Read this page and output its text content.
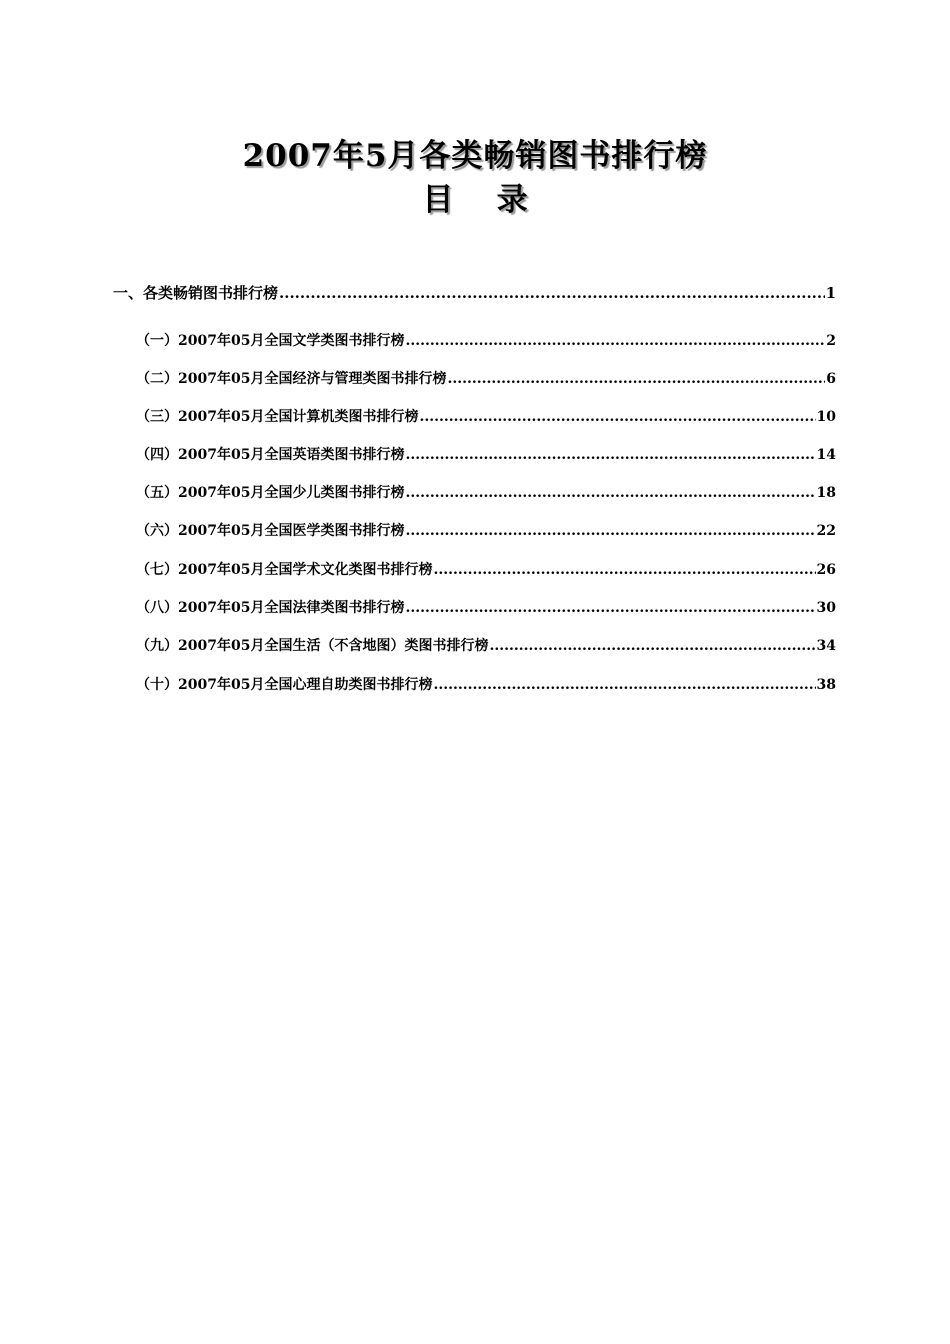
2007年5月各类畅销图书排行榜
目    录
一、各类畅销图书排行榜 .....	1
（一）2007年05月全国文学类图书排行榜 .....	2
（二）2007年05月全国经济与管理类图书排行榜 .....	6
（三）2007年05月全国计算机类图书排行榜 .....	10
（四）2007年05月全国英语类图书排行榜 .....	14
（五）2007年05月全国少儿类图书排行榜 .....	18
（六）2007年05月全国医学类图书排行榜 .....	22
（七）2007年05月全国学术文化类图书排行榜 .....	26
（八）2007年05月全国法律类图书排行榜 .....	30
（九）2007年05月全国生活（不含地图）类图书排行榜 .....	34
（十）2007年05月全国心理自助类图书排行榜 .....	38
